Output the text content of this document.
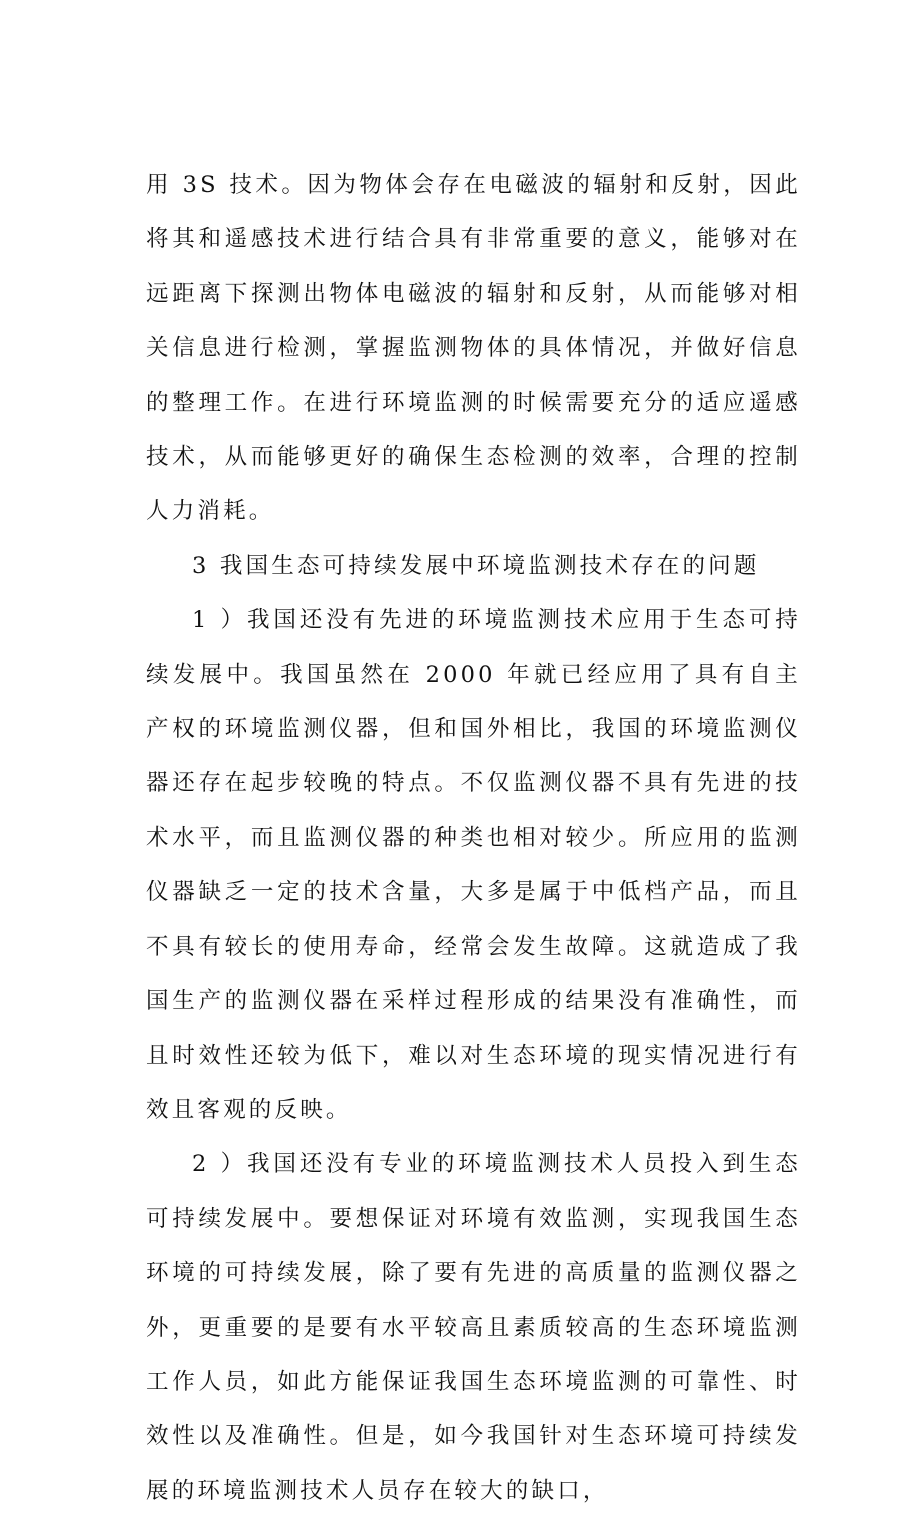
用 3S 技术。因为物体会存在电磁波的辐射和反射，因此将其和遥感技术进行结合具有非常重要的意义，能够对在远距离下探测出物体电磁波的辐射和反射，从而能够对相关信息进行检测，掌握监测物体的具体情况，并做好信息的整理工作。在进行环境监测的时候需要充分的适应遥感技术，从而能够更好的确保生态检测的效率，合理的控制人力消耗。

3 我国生态可持续发展中环境监测技术存在的问题

1 ）我国还没有先进的环境监测技术应用于生态可持续发展中。我国虽然在 2000 年就已经应用了具有自主产权的环境监测仪器，但和国外相比，我国的环境监测仪器还存在起步较晚的特点。不仅监测仪器不具有先进的技术水平，而且监测仪器的种类也相对较少。所应用的监测仪器缺乏一定的技术含量，大多是属于中低档产品，而且不具有较长的使用寿命，经常会发生故障。这就造成了我国生产的监测仪器在采样过程形成的结果没有准确性，而且时效性还较为低下，难以对生态环境的现实情况进行有效且客观的反映。

2 ）我国还没有专业的环境监测技术人员投入到生态可持续发展中。要想保证对环境有效监测，实现我国生态环境的可持续发展，除了要有先进的高质量的监测仪器之外，更重要的是要有水平较高且素质较高的生态环境监测工作人员，如此方能保证我国生态环境监测的可靠性、时效性以及准确性。但是，如今我国针对生态环境可持续发展的环境监测技术人员存在较大的缺口，
